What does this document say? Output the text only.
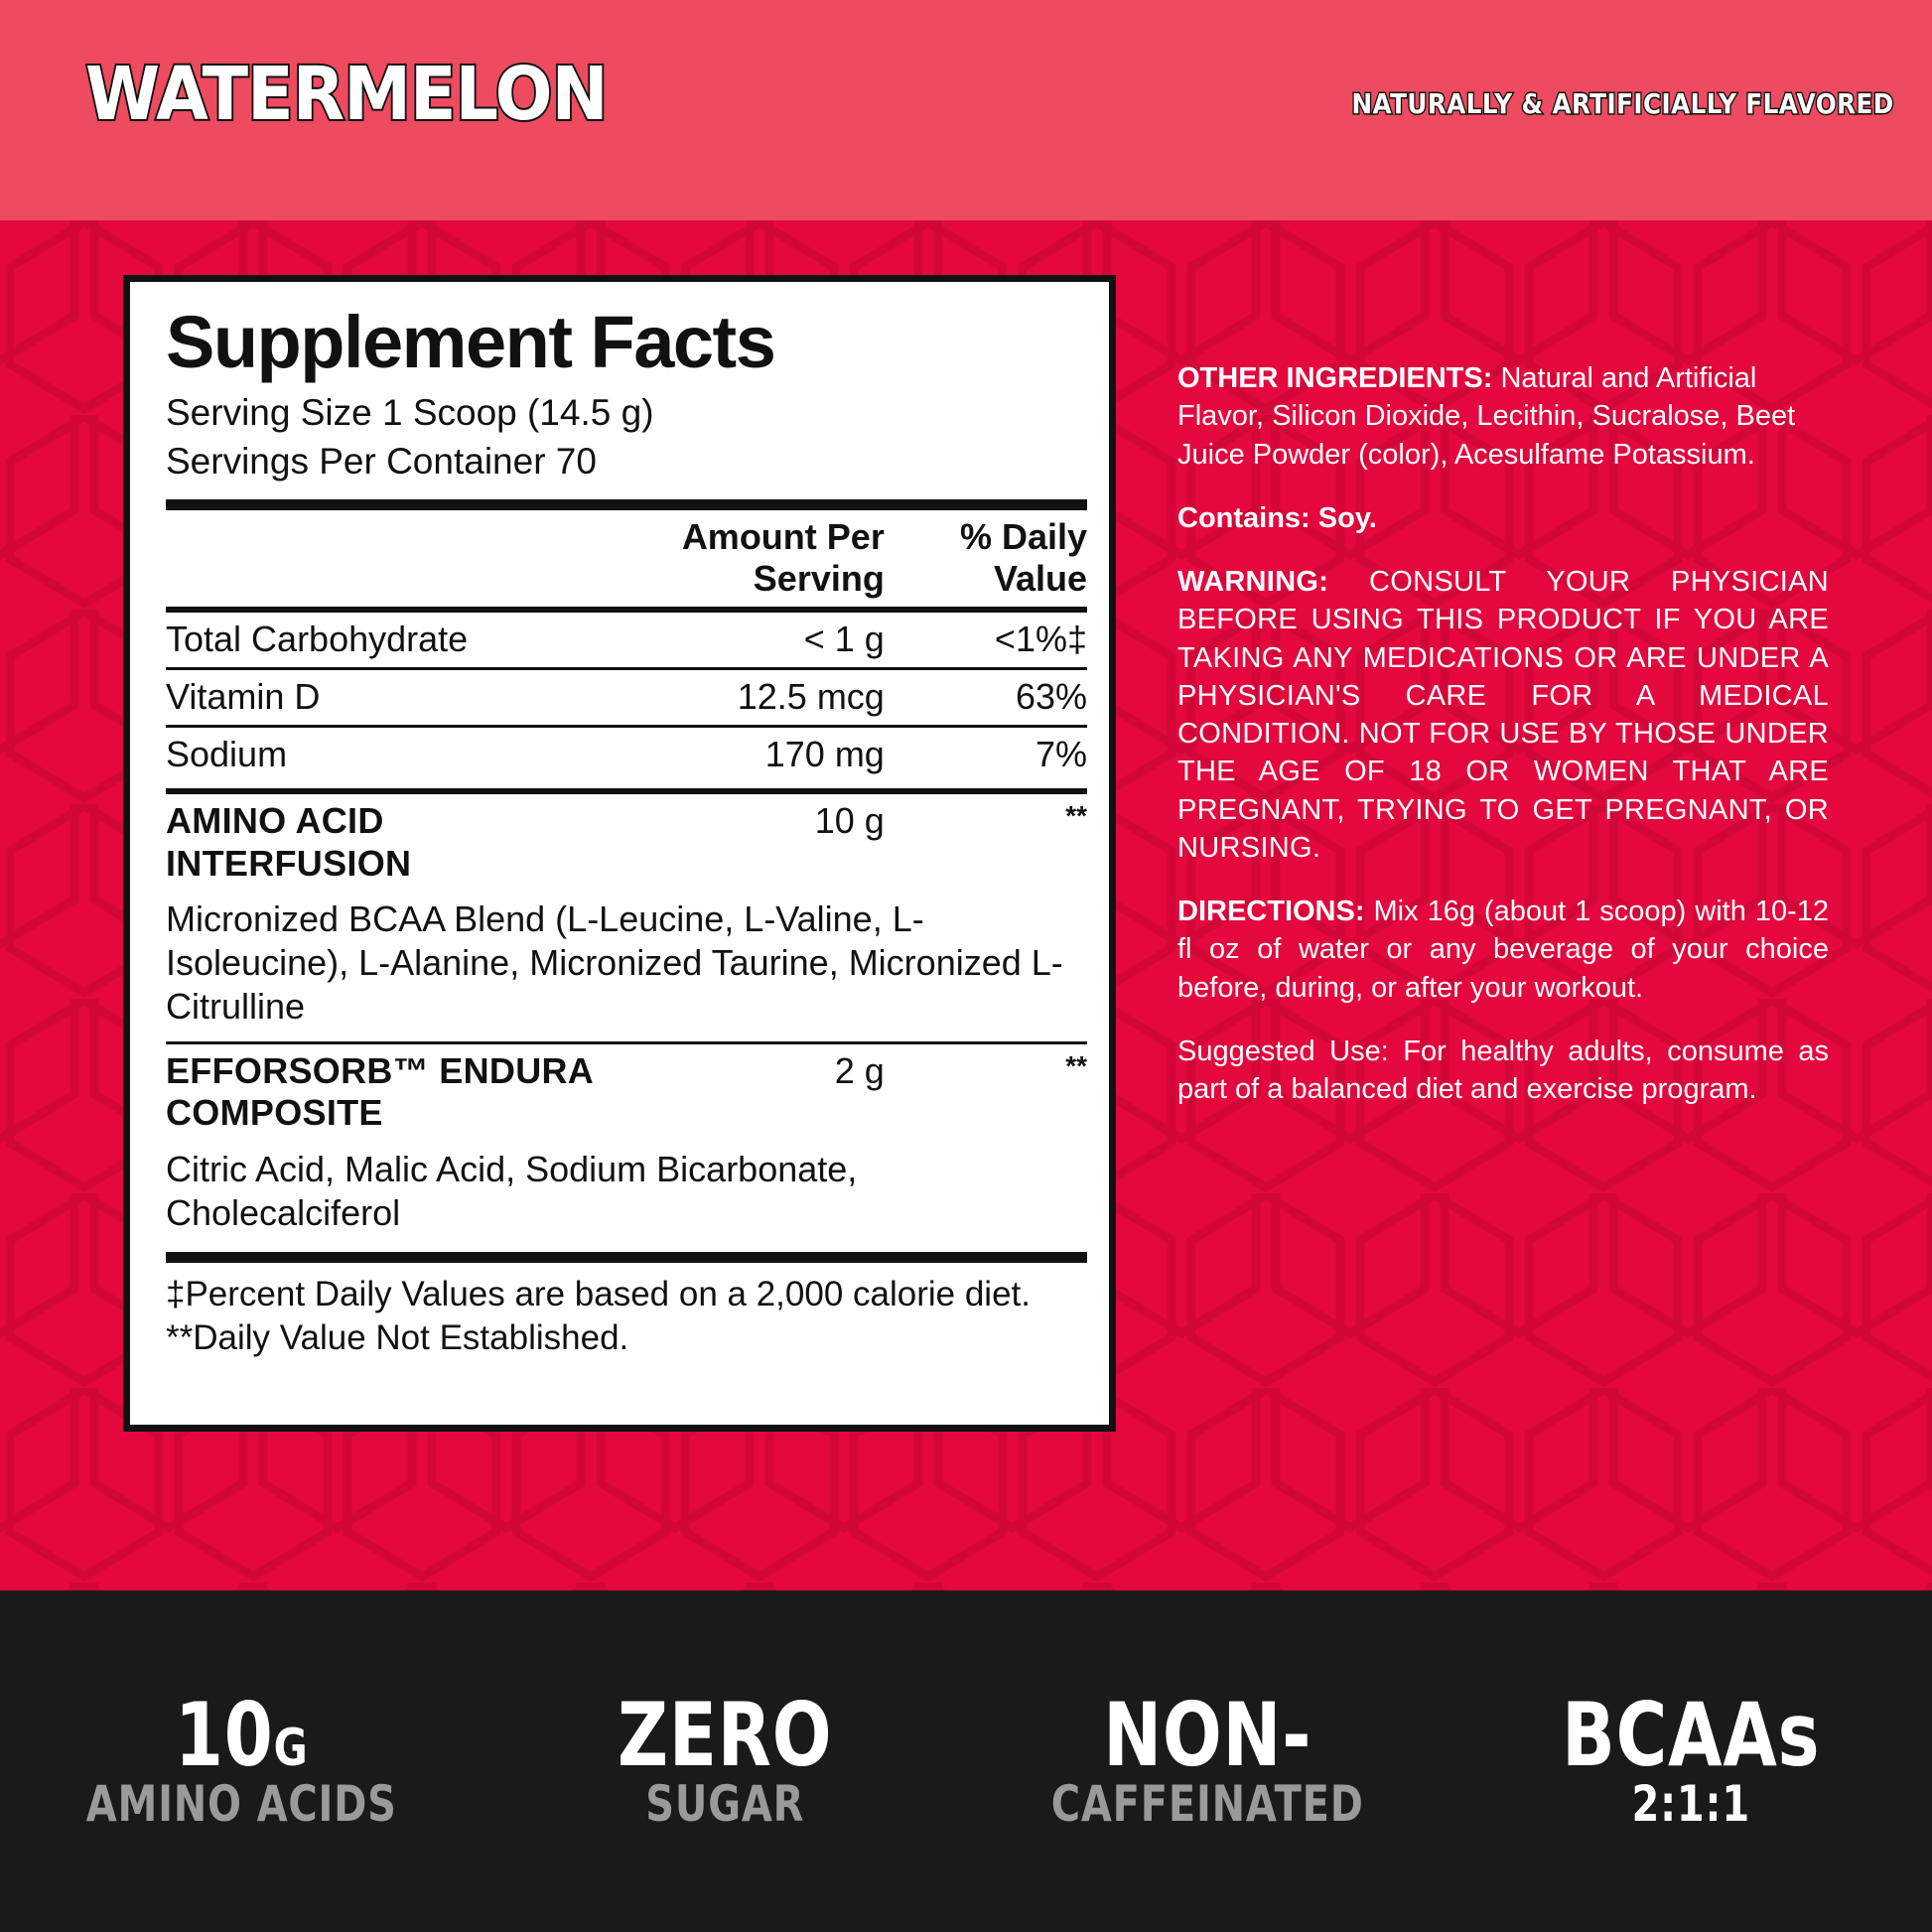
WATERMELON	NATURALLY & ARTIFICIALLY FLAVORED
Supplement Facts
Serving Size 1 Scoop (14.5 g)
Servings Per Container 70
	Amount Per Serving	% Daily Value
Total Carbohydrate	< 1 g	<1%‡
Vitamin D	12.5 mcg	63%
Sodium	170 mg	7%
AMINO ACID INTERFUSION	10 g	**
Micronized BCAA Blend (L-Leucine, L-Valine, L-Isoleucine), L-Alanine, Micronized Taurine, Micronized L-Citrulline
EFFORSORB™ ENDURA COMPOSITE	2 g	**
Citric Acid, Malic Acid, Sodium Bicarbonate, Cholecalciferol
‡Percent Daily Values are based on a 2,000 calorie diet. **Daily Value Not Established.
OTHER INGREDIENTS: Natural and Artificial Flavor, Silicon Dioxide, Lecithin, Sucralose, Beet Juice Powder (color), Acesulfame Potassium.
Contains: Soy.
WARNING: CONSULT YOUR PHYSICIAN BEFORE USING THIS PRODUCT IF YOU ARE TAKING ANY MEDICATIONS OR ARE UNDER A PHYSICIAN'S CARE FOR A MEDICAL CONDITION. NOT FOR USE BY THOSE UNDER THE AGE OF 18 OR WOMEN THAT ARE PREGNANT, TRYING TO GET PREGNANT, OR NURSING.
DIRECTIONS: Mix 16g (about 1 scoop) with 10-12 fl oz of water or any beverage of your choice before, during, or after your workout.
Suggested Use: For healthy adults, consume as part of a balanced diet and exercise program.
10G
AMINO ACIDS
ZERO
SUGAR
NON-
CAFFEINATED
BCAAs
2:1:1
